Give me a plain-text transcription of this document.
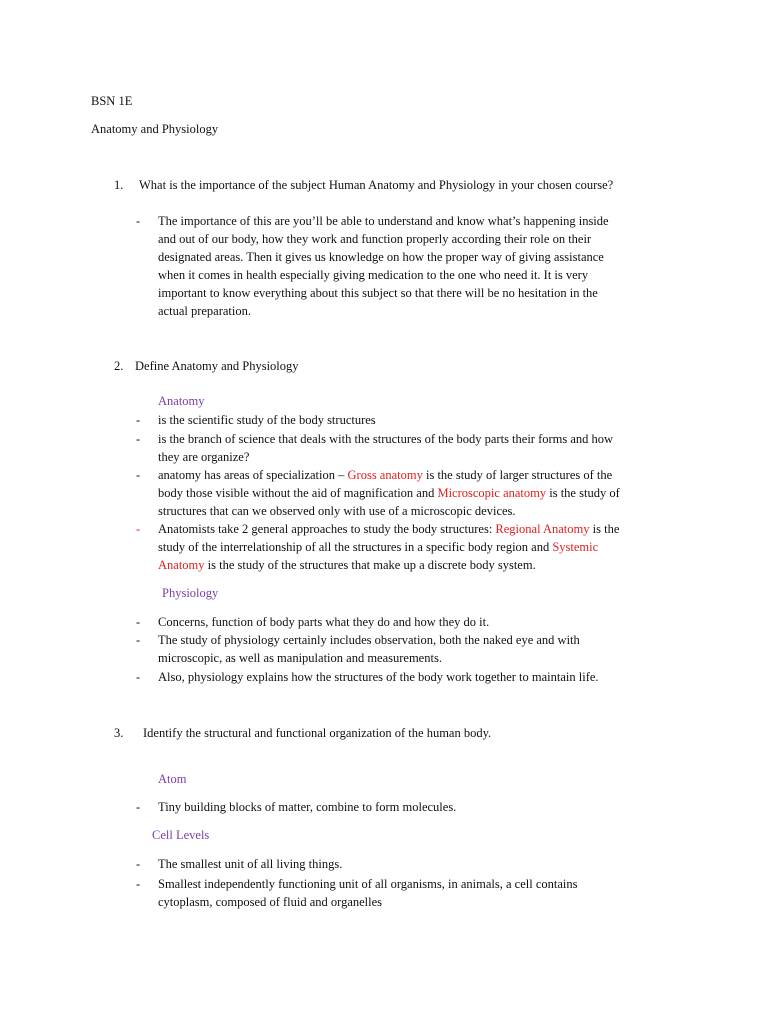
BSN 1E
Anatomy and Physiology
1. What is the importance of the subject Human Anatomy and Physiology in your chosen course?
- The importance of this are you’ll be able to understand and know what’s happening inside
and out of our body, how they work and function properly according their role on their
designated areas. Then it gives us knowledge on how the proper way of giving assistance
when it comes in health especially giving medication to the one who need it. It is very
important to know everything about this subject so that there will be no hesitation in the
actual preparation.
2. Define Anatomy and Physiology
Anatomy
- is the scientific study of the body structures
- is the branch of science that deals with the structures of the body parts their forms and how
they are organize?
- anatomy has areas of specialization – Gross anatomy is the study of larger structures of the
body those visible without the aid of magnification and Microscopic anatomy is the study of
structures that can we observed only with use of a microscopic devices.
- Anatomists take 2 general approaches to study the body structures: Regional Anatomy is the
study of the interrelationship of all the structures in a specific body region and Systemic
Anatomy is the study of the structures that make up a discrete body system.
Physiology
- Concerns, function of body parts what they do and how they do it.
- The study of physiology certainly includes observation, both the naked eye and with
microscopic, as well as manipulation and measurements.
- Also, physiology explains how the structures of the body work together to maintain life.
3. Identify the structural and functional organization of the human body.
Atom
- Tiny building blocks of matter, combine to form molecules.
Cell Levels
- The smallest unit of all living things.
- Smallest independently functioning unit of all organisms, in animals, a cell contains
cytoplasm, composed of fluid and organelles
